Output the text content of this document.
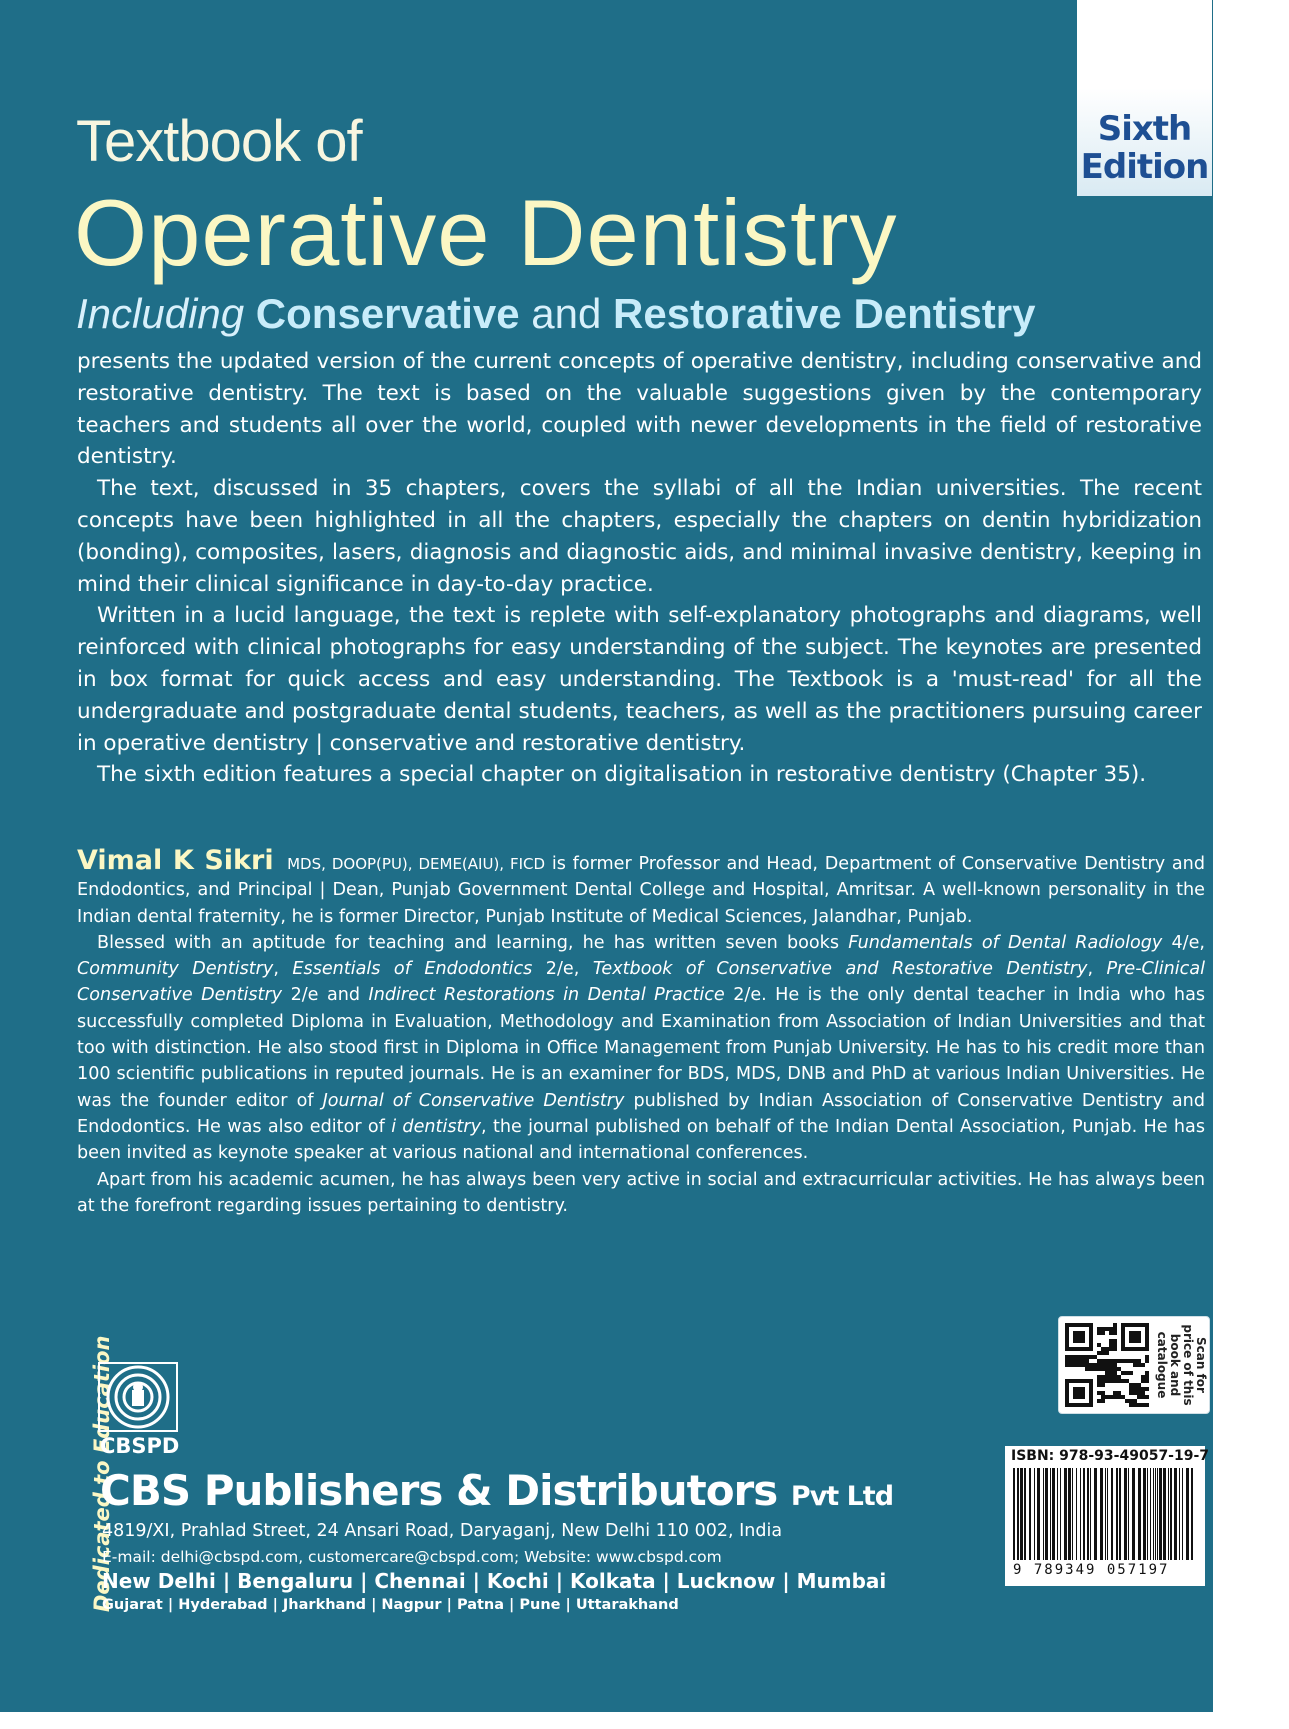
Sixth
Edition
Textbook of
Operative Dentistry
Including Conservative and Restorative Dentistry

presents the updated version of the current concepts of operative dentistry, including conservative and restorative dentistry. The text is based on the valuable suggestions given by the contemporary teachers and students all over the world, coupled with newer developments in the field of restorative dentistry.

The text, discussed in 35 chapters, covers the syllabi of all the Indian universities. The recent concepts have been highlighted in all the chapters, especially the chapters on dentin hybridization (bonding), composites, lasers, diagnosis and diagnostic aids, and minimal invasive dentistry, keeping in mind their clinical significance in day-to-day practice.

Written in a lucid language, the text is replete with self-explanatory photographs and diagrams, well reinforced with clinical photographs for easy understanding of the subject. The keynotes are presented in box format for quick access and easy understanding. The Textbook is a 'must-read' for all the undergraduate and postgraduate dental students, teachers, as well as the practitioners pursuing career in operative dentistry | conservative and restorative dentistry.

The sixth edition features a special chapter on digitalisation in restorative dentistry (Chapter 35).

Vimal K Sikri MDS, DOOP(PU), DEME(AIU), FICD is former Professor and Head, Department of Conservative Dentistry and Endodontics, and Principal | Dean, Punjab Government Dental College and Hospital, Amritsar. A well-known personality in the Indian dental fraternity, he is former Director, Punjab Institute of Medical Sciences, Jalandhar, Punjab.

Blessed with an aptitude for teaching and learning, he has written seven books Fundamentals of Dental Radiology 4/e, Community Dentistry, Essentials of Endodontics 2/e, Textbook of Conservative and Restorative Dentistry, Pre-Clinical Conservative Dentistry 2/e and Indirect Restorations in Dental Practice 2/e. He is the only dental teacher in India who has successfully completed Diploma in Evaluation, Methodology and Examination from Association of Indian Universities and that too with distinction. He also stood first in Diploma in Office Management from Punjab University. He has to his credit more than 100 scientific publications in reputed journals. He is an examiner for BDS, MDS, DNB and PhD at various Indian Universities. He was the founder editor of Journal of Conservative Dentistry published by Indian Association of Conservative Dentistry and Endodontics. He was also editor of i dentistry, the journal published on behalf of the Indian Dental Association, Punjab. He has been invited as keynote speaker at various national and international conferences.

Apart from his academic acumen, he has always been very active in social and extracurricular activities. He has always been at the forefront regarding issues pertaining to dentistry.

Scan for price of this book and catalogue
ISBN: 978-93-49057-19-7
9 789349 057197
Dedicated to Education
CBSPD
CBS Publishers & Distributors Pvt Ltd
4819/XI, Prahlad Street, 24 Ansari Road, Daryaganj, New Delhi 110 002, India
E-mail: delhi@cbspd.com, customercare@cbspd.com; Website: www.cbspd.com
New Delhi | Bengaluru | Chennai | Kochi | Kolkata | Lucknow | Mumbai
Gujarat | Hyderabad | Jharkhand | Nagpur | Patna | Pune | Uttarakhand
